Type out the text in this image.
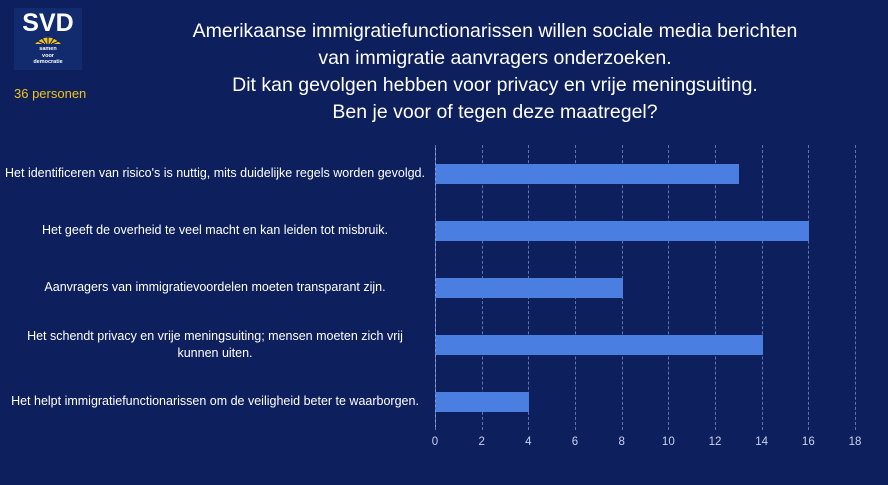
SVD
samen
voor
democratie
36 personen
Amerikaanse immigratiefunctionarissen willen sociale media berichten
van immigratie aanvragers onderzoeken.
Dit kan gevolgen hebben voor privacy en vrije meningsuiting.
Ben je voor of tegen deze maatregel?
0	2	4	6	8	10	12	14	16	18
Het identificeren van risico's is nuttig, mits duidelijke regels worden gevolgd.
Het geeft de overheid te veel macht en kan leiden tot misbruik.
Aanvragers van immigratievoordelen moeten transparant zijn.
Het schendt privacy en vrije meningsuiting; mensen moeten zich vrij kunnen uiten.
Het helpt immigratiefunctionarissen om de veiligheid beter te waarborgen.
